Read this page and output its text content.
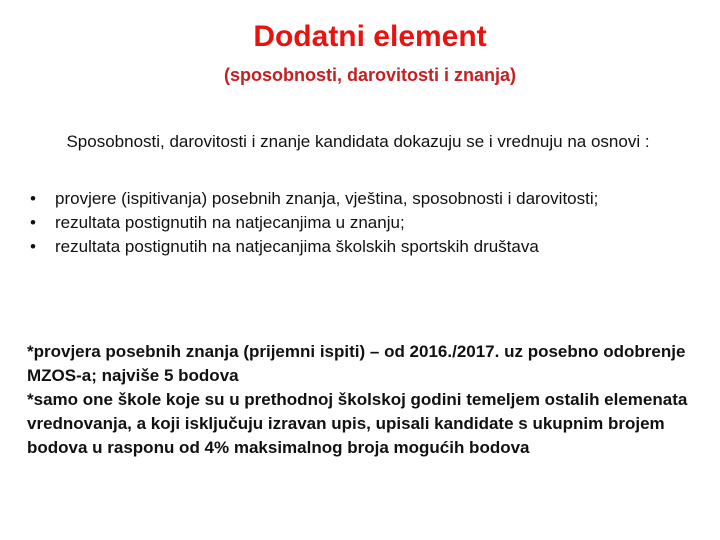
Dodatni element
(sposobnosti, darovitosti i znanja)
Sposobnosti, darovitosti i znanje kandidata dokazuju se i vrednuju na osnovi :
• provjere (ispitivanja) posebnih znanja, vještina, sposobnosti i darovitosti;
• rezultata postignutih na natjecanjima u znanju;
• rezultata postignutih na natjecanjima školskih sportskih društava

*provjera posebnih znanja (prijemni ispiti) – od 2016./2017. uz posebno odobrenje MZOS-a; najviše 5 bodova

*samo one škole koje su u prethodnoj školskoj godini temeljem ostalih elemenata vrednovanja, a koji isključuju izravan upis, upisali kandidate s ukupnim brojem bodova u rasponu od 4% maksimalnog broja mogućih bodova
